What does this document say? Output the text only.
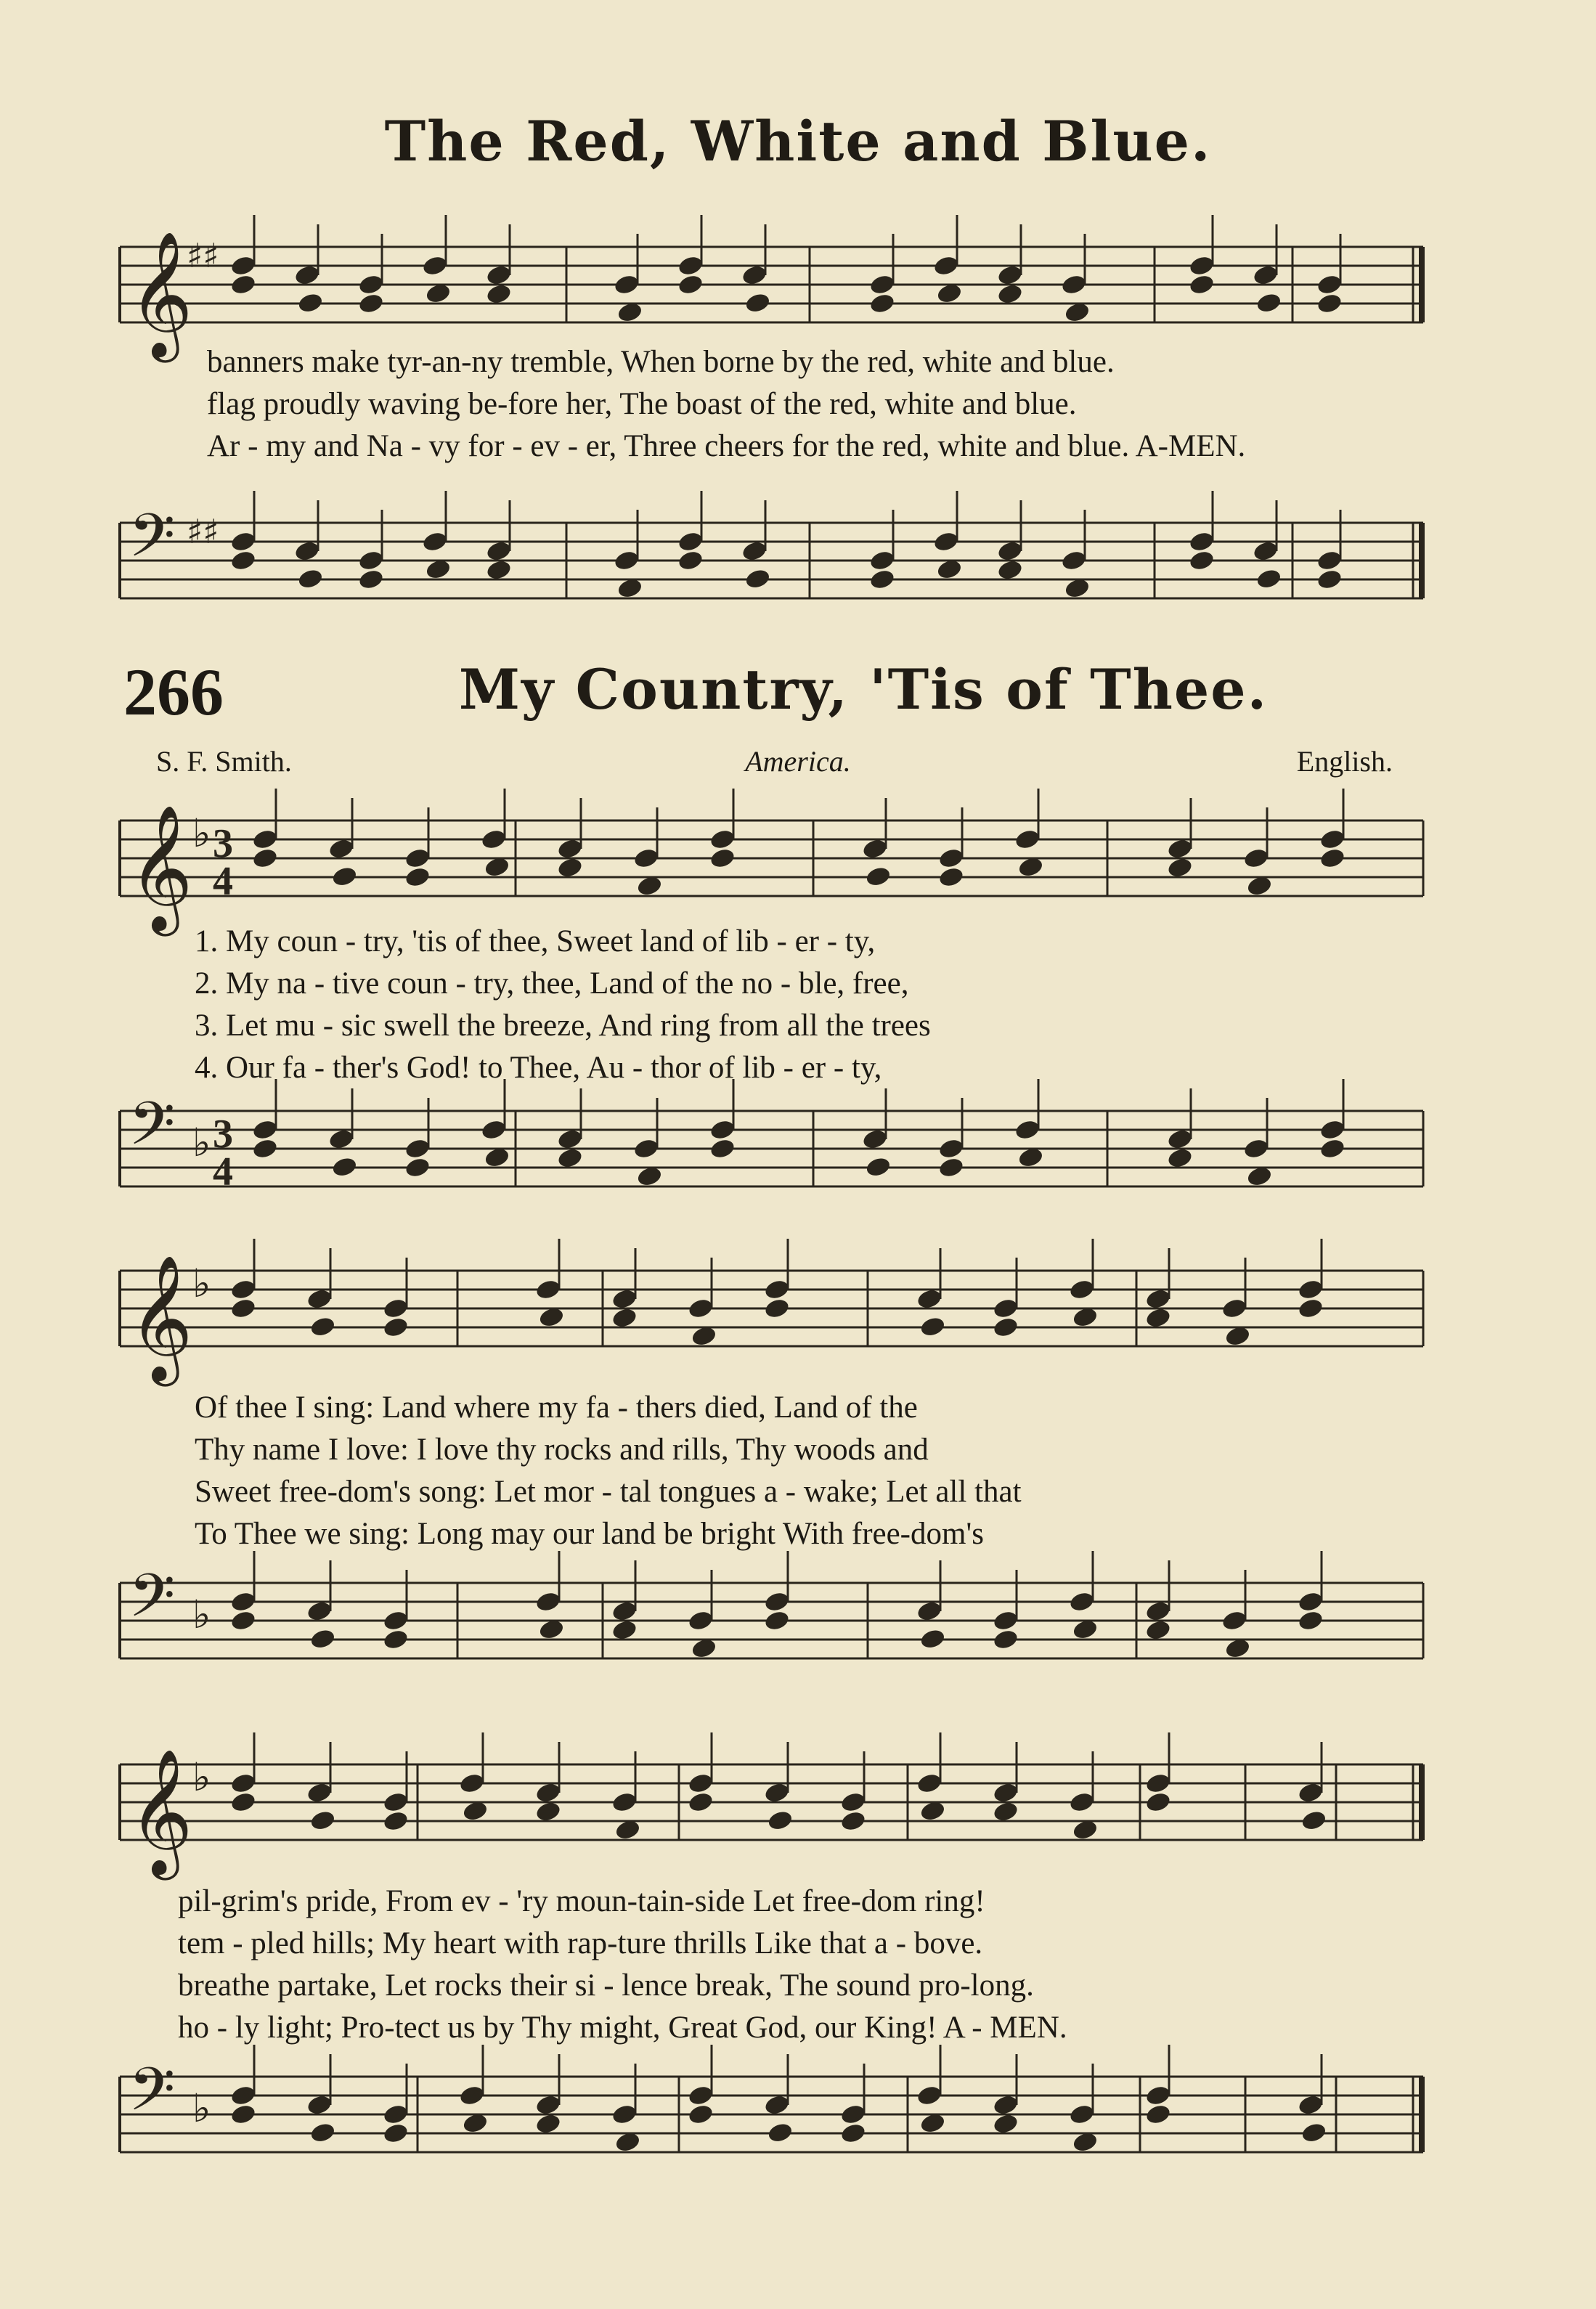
The Red, White and Blue.
𝄞
♯♯
banners make tyr-an-ny tremble, When borne by the red, white and blue.
flag proudly waving be-fore her, The boast of the red, white and blue.
Ar - my and Na - vy for - ev - er, Three cheers for the red, white and blue. A-MEN.
𝄢 ♯♯
266	My Country, 'Tis of Thee.
S. F. Smith.	America.	English.
𝄞 ♭ 3
4
1. My coun - try, 'tis of thee, Sweet land of lib - er - ty,
2. My na - tive coun - try, thee, Land of the no - ble, free,
3. Let mu - sic swell the breeze, And ring from all the trees
4. Our fa - ther's God! to Thee, Au - thor of lib - er - ty,
𝄢 ♭ 3
4
𝄞 ♭
Of thee I sing: Land where my fa - thers died, Land of the
Thy name I love: I love thy rocks and rills, Thy woods and
Sweet free-dom's song: Let mor - tal tongues a - wake; Let all that
To Thee we sing: Long may our land be bright With free-dom's
𝄢 ♭
𝄞 ♭
pil-grim's pride, From ev - 'ry moun-tain-side Let free-dom ring!
tem - pled hills; My heart with rap-ture thrills Like that a - bove.
breathe partake, Let rocks their si - lence break, The sound pro-long.
ho - ly light; Pro-tect us by Thy might, Great God, our King! A - MEN.
𝄢 ♭
